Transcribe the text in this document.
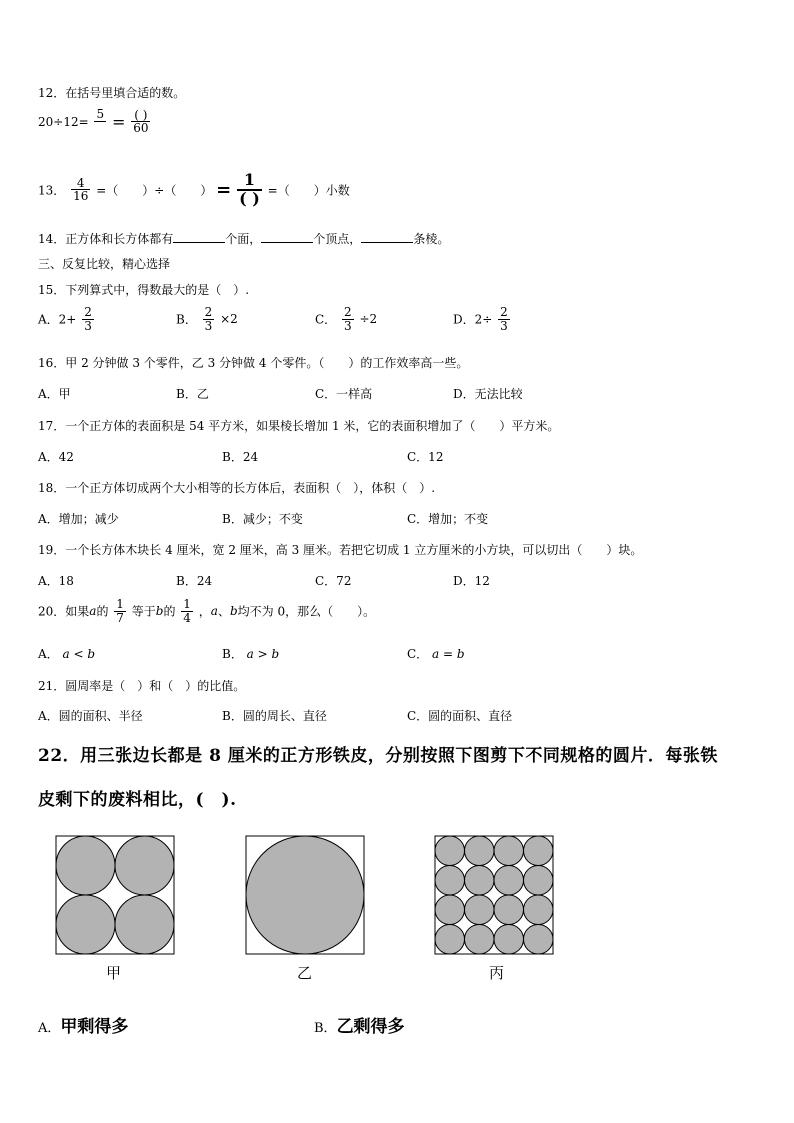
12．在括号里填合适的数。
20÷12=
$5 = \frac{( )}{60}$
13． $\frac{4}{16}$ =（　　）÷（　　） = $\frac{1}{( )}$ =（　　）小数
14．正方体和长方体都有	个面，	个顶点，	条棱。
三、反复比较，精心选择
15．下列算式中，得数最大的是（　）.
A．$2+ \frac{2}{3}$	B． $\frac{2}{3} \times 2$	C． $\frac{2}{3} \div 2$	D．$2\div \frac{2}{3}$
16．甲 2 分钟做 3 个零件，乙 3 分钟做 4 个零件。（　　）的工作效率高一些。
A．甲	B．乙	C．一样高	D．无法比较
17．一个正方体的表面积是 54 平方米，如果棱长增加 1 米，它的表面积增加了（　　）平方米。
A．42	B．24	C．12
18．一个正方体切成两个大小相等的长方体后，表面积（　），体积（　）.
A．增加；减少	B．减少；不变	C．增加；不变
19．一个长方体木块长 4 厘米，宽 2 厘米，高 3 厘米。若把它切成 1 立方厘米的小方块，可以切出（　　）块。
A．18	B．24	C．72	D．12
20．如果a的 $\frac{1}{7}$ 等于b的 $\frac{1}{4}$ ，a、b均不为 0，那么（　　）。
A． a < b	B． a > b	C． a = b
21．圆周率是（　）和（　）的比值。
A．圆的面积、半径	B．圆的周长、直径	C．圆的面积、直径
22．用三张边长都是 8 厘米的正方形铁皮，分别按照下图剪下不同规格的圆片．每张铁
皮剩下的废料相比，(　).
甲	乙	丙
A．甲剩得多	B．乙剩得多
